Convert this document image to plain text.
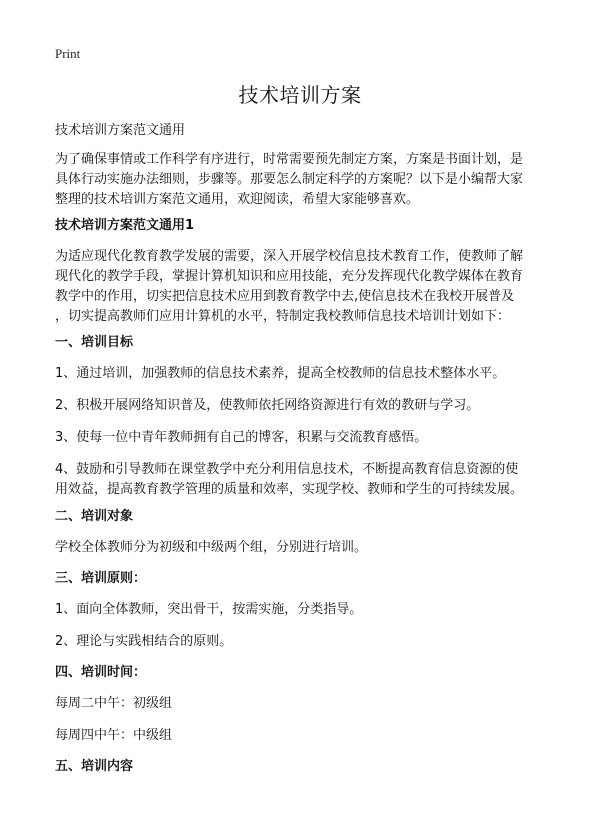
Print
技术培训方案

技术培训方案范文通用

为了确保事情或工作科学有序进行，时常需要预先制定方案，方案是书面计划，是
具体行动实施办法细则，步骤等。那要怎么制定科学的方案呢？以下是小编帮大家
整理的技术培训方案范文通用，欢迎阅读，希望大家能够喜欢。

技术培训方案范文通用1

为适应现代化教育教学发展的需要，深入开展学校信息技术教育工作，使教师了解
现代化的教学手段，掌握计算机知识和应用技能，充分发挥现代化教学媒体在教育
教学中的作用，切实把信息技术应用到教育教学中去,使信息技术在我校开展普及
，切实提高教师们应用计算机的水平，特制定我校教师信息技术培训计划如下：

一、培训目标

1、通过培训，加强教师的信息技术素养，提高全校教师的信息技术整体水平。

2、积极开展网络知识普及，使教师依托网络资源进行有效的教研与学习。

3、使每一位中青年教师拥有自己的博客，积累与交流教育感悟。

4、鼓励和引导教师在课堂教学中充分利用信息技术，不断提高教育信息资源的使
用效益，提高教育教学管理的质量和效率，实现学校、教师和学生的可持续发展。

二、培训对象

学校全体教师分为初级和中级两个组，分别进行培训。

三、培训原则：

1、面向全体教师，突出骨干，按需实施，分类指导。

2、理论与实践相结合的原则。

四、培训时间：

每周二中午：初级组

每周四中午：中级组

五、培训内容
